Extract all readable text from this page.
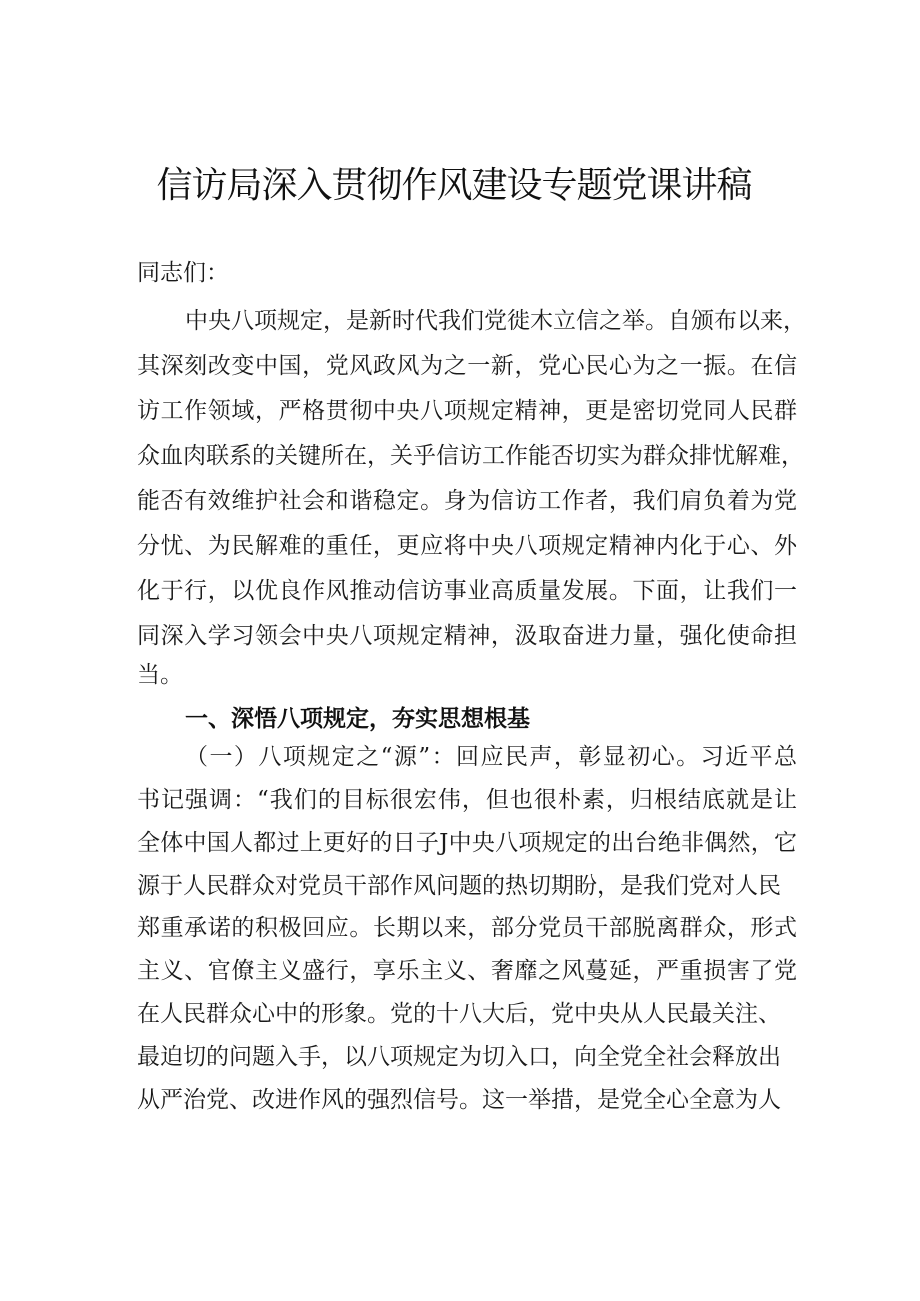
信访局深入贯彻作风建设专题党课讲稿

同志们：

中央八项规定，是新时代我们党徙木立信之举。自颁布以来，

其深刻改变中国，党风政风为之一新，党心民心为之一振。在信

访工作领域，严格贯彻中央八项规定精神，更是密切党同人民群

众血肉联系的关键所在，关乎信访工作能否切实为群众排忧解难，

能否有效维护社会和谐稳定。身为信访工作者，我们肩负着为党

分忧、为民解难的重任，更应将中央八项规定精神内化于心、外

化于行，以优良作风推动信访事业高质量发展。下面，让我们一

同深入学习领会中央八项规定精神，汲取奋进力量，强化使命担

当。

一、深悟八项规定，夯实思想根基

（一）八项规定之“源”：回应民声，彰显初心。习近平总

书记强调：“我们的目标很宏伟，但也很朴素，归根结底就是让

全体中国人都过上更好的日子J中央八项规定的出台绝非偶然，它

源于人民群众对党员干部作风问题的热切期盼，是我们党对人民

郑重承诺的积极回应。长期以来，部分党员干部脱离群众，形式

主义、官僚主义盛行，享乐主义、奢靡之风蔓延，严重损害了党

在人民群众心中的形象。党的十八大后，党中央从人民最关注、

最迫切的问题入手，以八项规定为切入口，向全党全社会释放出

从严治党、改进作风的强烈信号。这一举措，是党全心全意为人
